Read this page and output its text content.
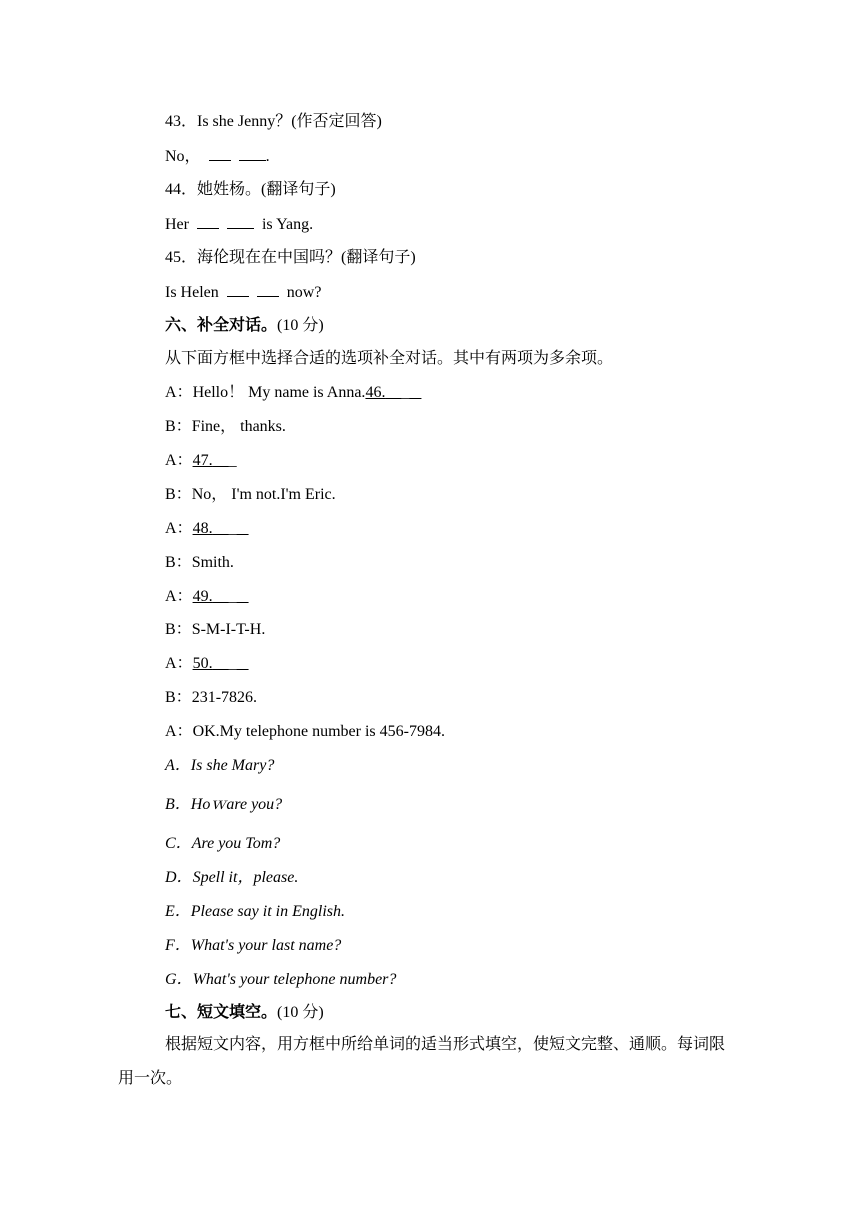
43．Is she Jenny？(作否定回答)
No，	.
44．她姓杨。(翻译句子)
Her	is Yang.
45．海伦现在在中国吗？(翻译句子)
Is Helen	now?
六、补全对话。(10 分)
从下面方框中选择合适的选项补全对话。其中有两项为多余项。
A：Hello！ My name is Anna.46. _
B：Fine， thanks.
A：47. _
B：No， I'm not.I'm Eric.
A：48. _
B：Smith.
A：49. _
B：S-M-I-T-H.
A：50. _
B：231-7826.
A：OK.My telephone number is 456-7984.
A．Is she Mary?
B．Hoｗare you?
C．Are you Tom?
D．Spell it，please.
E．Please say it in English.
F．What's your last name?
G．What's your telephone number?
七、短文填空。(10 分)
根据短文内容，用方框中所给单词的适当形式填空，使短文完整、通顺。每词限用一次。
